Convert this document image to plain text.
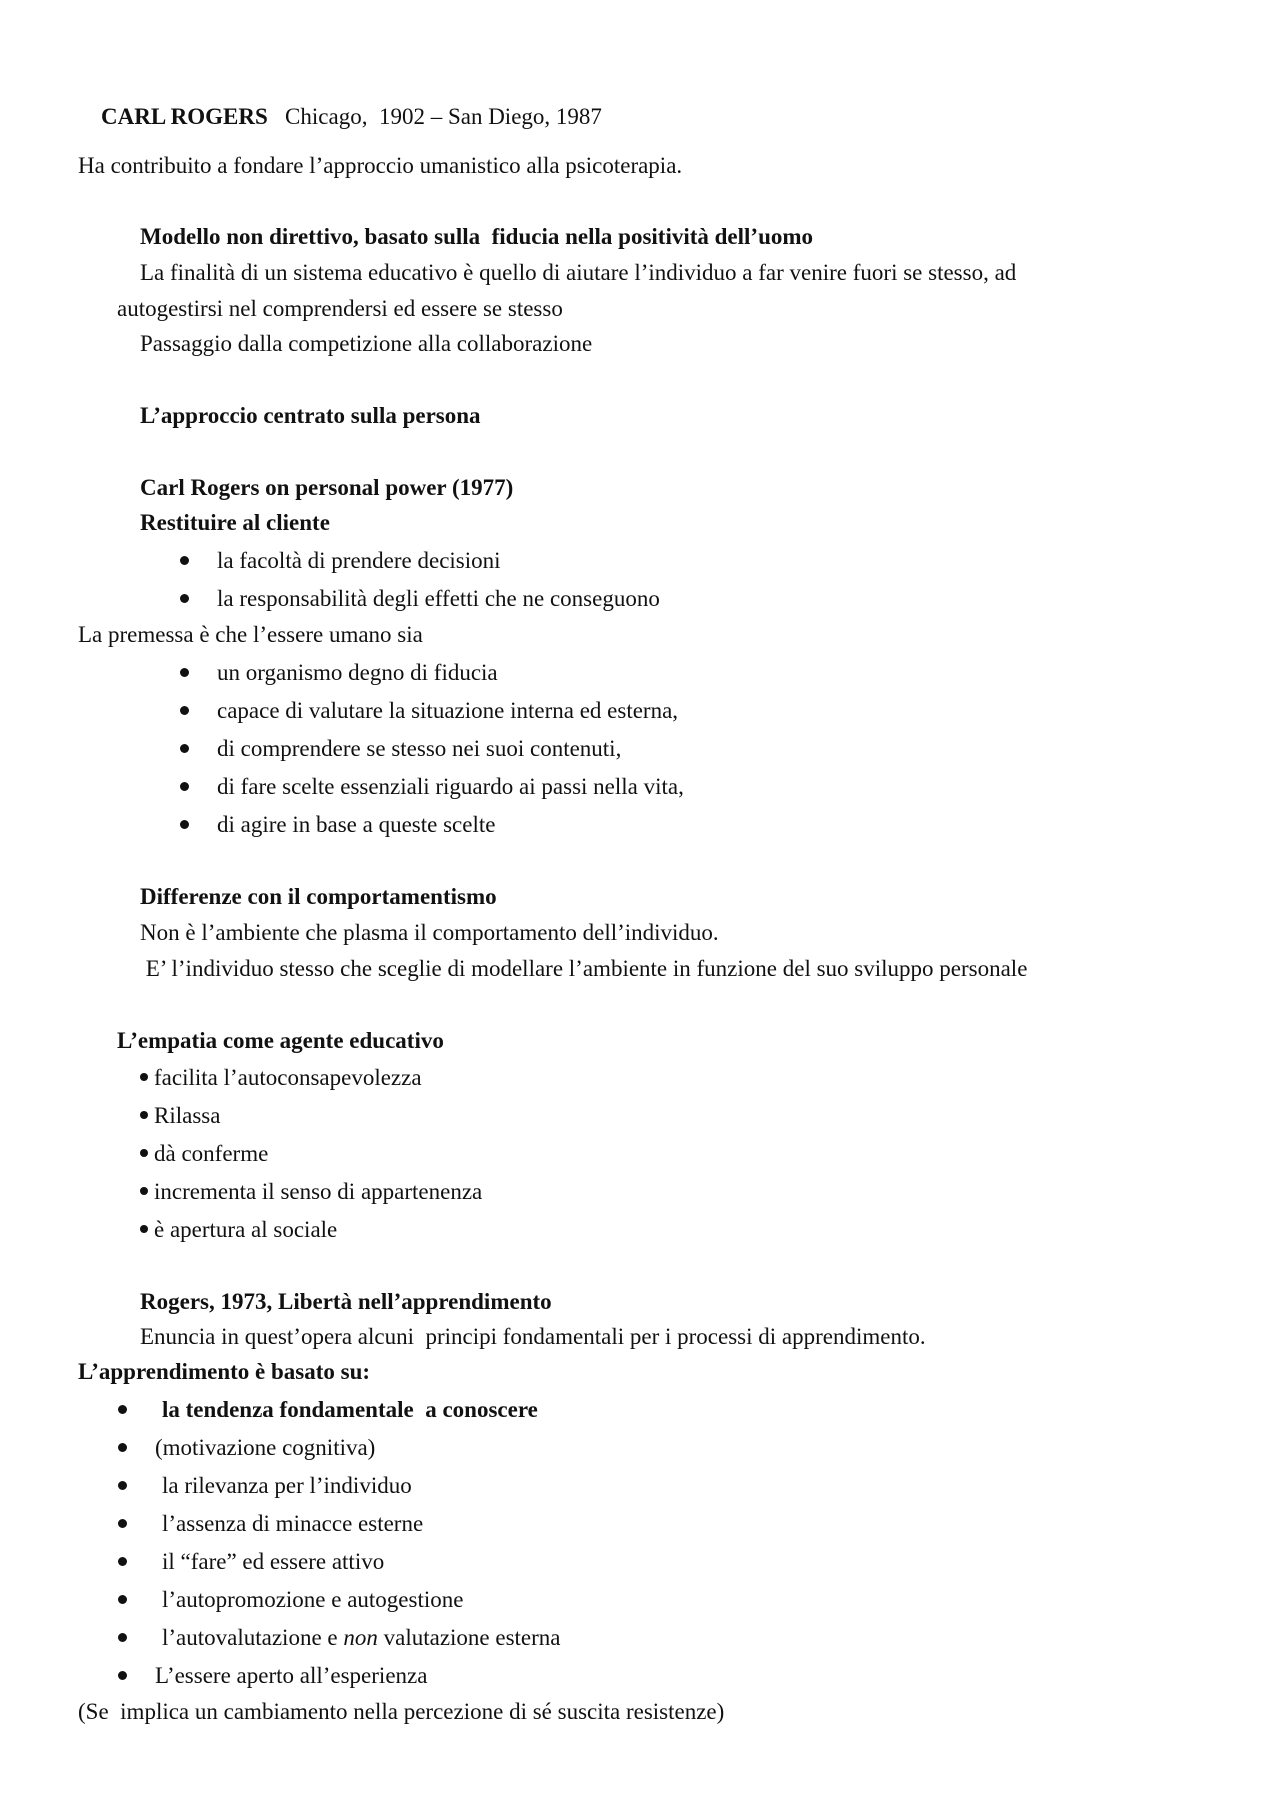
CARL ROGERS Chicago,  1902 – San Diego, 1987

Ha contribuito a fondare l’approccio umanistico alla psicoterapia.
Modello non direttivo, basato sulla  fiducia nella positività dell’uomo
La finalità di un sistema educativo è quello di aiutare l’individuo a far venire fuori se stesso, ad
autogestirsi nel comprendersi ed essere se stesso
Passaggio dalla competizione alla collaborazione
L’approccio centrato sulla persona
Carl Rogers on personal power (1977)
Restituire al cliente
la facoltà di prendere decisioni
la responsabilità degli effetti che ne conseguono
La premessa è che l’essere umano sia
un organismo degno di fiducia
capace di valutare la situazione interna ed esterna,
di comprendere se stesso nei suoi contenuti,
di fare scelte essenziali riguardo ai passi nella vita,
di agire in base a queste scelte
Differenze con il comportamentismo
Non è l’ambiente che plasma il comportamento dell’individuo.
E’ l’individuo stesso che sceglie di modellare l’ambiente in funzione del suo sviluppo personale
L’empatia come agente educativo
facilita l’autoconsapevolezza
Rilassa
dà conferme
incrementa il senso di appartenenza
è apertura al sociale
Rogers, 1973, Libertà nell’apprendimento
Enuncia in quest’opera alcuni  principi fondamentali per i processi di apprendimento.
L’apprendimento è basato su:
la tendenza fondamentale  a conoscere
(motivazione cognitiva)
la rilevanza per l’individuo
l’assenza di minacce esterne
il “fare” ed essere attivo
l’autopromozione e autogestione
l’autovalutazione e non valutazione esterna
L’essere aperto all’esperienza
(Se  implica un cambiamento nella percezione di sé suscita resistenze)
